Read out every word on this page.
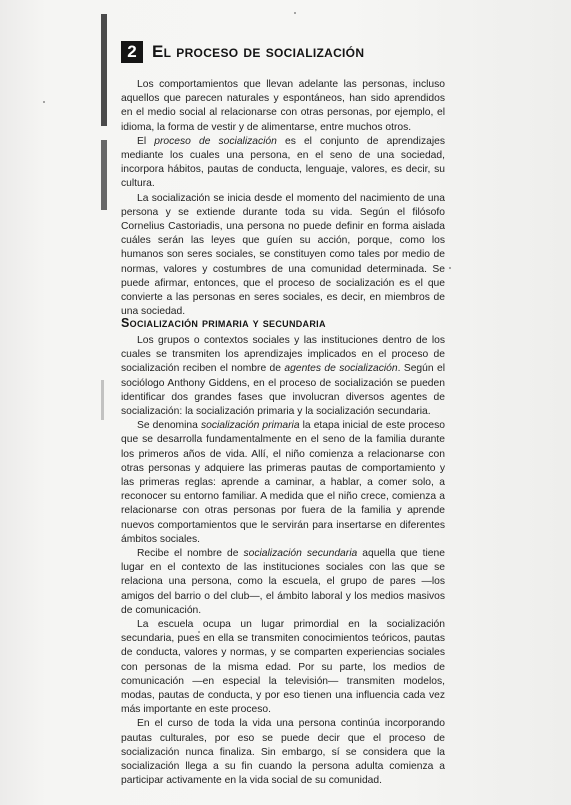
2 El proceso de socialización

Los comportamientos que llevan adelante las personas, incluso aquellos que parecen naturales y espontáneos, han sido aprendidos en el medio social al relacionarse con otras personas, por ejemplo, el idioma, la forma de vestir y de alimentarse, entre muchos otros.

El proceso de socialización es el conjunto de aprendizajes mediante los cuales una persona, en el seno de una sociedad, incorpora hábitos, pautas de conducta, lenguaje, valores, es decir, su cultura.

La socialización se inicia desde el momento del nacimiento de una persona y se extiende durante toda su vida. Según el filósofo Cornelius Castoriadis, una persona no puede definir en forma aislada cuáles serán las leyes que guíen su acción, porque, como los humanos son seres sociales, se constituyen como tales por medio de normas, valores y costumbres de una comunidad determinada. Se puede afirmar, entonces, que el proceso de socialización es el que convierte a las personas en seres sociales, es decir, en miembros de una sociedad.

Socialización primaria y secundaria

Los grupos o contextos sociales y las instituciones dentro de los cuales se transmiten los aprendizajes implicados en el proceso de socialización reciben el nombre de agentes de socialización. Según el sociólogo Anthony Giddens, en el proceso de socialización se pueden identificar dos grandes fases que involucran diversos agentes de socialización: la socialización primaria y la socialización secundaria.

Se denomina socialización primaria la etapa inicial de este proceso que se desarrolla fundamentalmente en el seno de la familia durante los primeros años de vida. Allí, el niño comienza a relacionarse con otras personas y adquiere las primeras pautas de comportamiento y las primeras reglas: aprende a caminar, a hablar, a comer solo, a reconocer su entorno familiar. A medida que el niño crece, comienza a relacionarse con otras personas por fuera de la familia y aprende nuevos comportamientos que le servirán para insertarse en diferentes ámbitos sociales.

Recibe el nombre de socialización secundaria aquella que tiene lugar en el contexto de las instituciones sociales con las que se relaciona una persona, como la escuela, el grupo de pares —los amigos del barrio o del club—, el ámbito laboral y los medios masivos de comunicación.

La escuela ocupa un lugar primordial en la socialización secundaria, pues en ella se transmiten conocimientos teóricos, pautas de conducta, valores y normas, y se comparten experiencias sociales con personas de la misma edad. Por su parte, los medios de comunicación —en especial la televisión— transmiten modelos, modas, pautas de conducta, y por eso tienen una influencia cada vez más importante en este proceso.

En el curso de toda la vida una persona continúa incorporando pautas culturales, por eso se puede decir que el proceso de socialización nunca finaliza. Sin embargo, sí se considera que la socialización llega a su fin cuando la persona adulta comienza a participar activamente en la vida social de su comunidad.
